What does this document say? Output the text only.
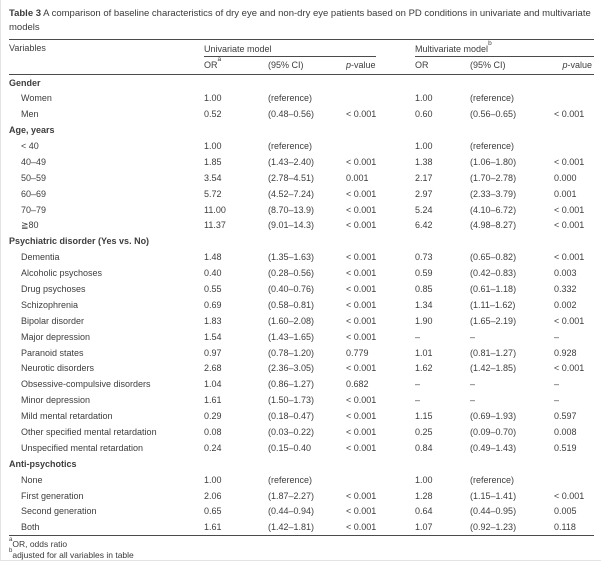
Table 3 A comparison of baseline characteristics of dry eye and non-dry eye patients based on PD conditions in univariate and multivariate models
Variables	Univariate model			Multivariate model$^b$

	$OR^a$	(95% CI)	p-value	OR	(95% CI)	p-value
Gender						
Women	1.00	(reference)		1.00	(reference)	
Men	0.52	(0.48–0.56)	< 0.001	0.60	(0.56–0.65)	< 0.001
Age, years						
< 40	1.00	(reference)		1.00	(reference)	
40–49	1.85	(1.43–2.40)	< 0.001	1.38	(1.06–1.80)	< 0.001
50–59	3.54	(2.78–4.51)	0.001	2.17	(1.70–2.78)	0.000
60–69	5.72	(4.52–7.24)	< 0.001	2.97	(2.33–3.79)	0.001
70–79	11.00	(8.70–13.9)	< 0.001	5.24	(4.10–6.72)	< 0.001
≧80	11.37	(9.01–14.3)	< 0.001	6.42	(4.98–8.27)	< 0.001
Psychiatric disorder (Yes vs. No)						
Dementia	1.48	(1.35–1.63)	< 0.001	0.73	(0.65–0.82)	< 0.001
Alcoholic psychoses	0.40	(0.28–0.56)	< 0.001	0.59	(0.42–0.83)	0.003
Drug psychoses	0.55	(0.40–0.76)	< 0.001	0.85	(0.61–1.18)	0.332
Schizophrenia	0.69	(0.58–0.81)	< 0.001	1.34	(1.11–1.62)	0.002
Bipolar disorder	1.83	(1.60–2.08)	< 0.001	1.90	(1.65–2.19)	< 0.001
Major depression	1.54	(1.43–1.65)	< 0.001	–	–	–
Paranoid states	0.97	(0.78–1.20)	0.779	1.01	(0.81–1.27)	0.928
Neurotic disorders	2.68	(2.36–3.05)	< 0.001	1.62	(1.42–1.85)	< 0.001
Obsessive-compulsive disorders	1.04	(0.86–1.27)	0.682	–	–	–
Minor depression	1.61	(1.50–1.73)	< 0.001	–	–	–
Mild mental retardation	0.29	(0.18–0.47)	< 0.001	1.15	(0.69–1.93)	0.597
Other specified mental retardation	0.08	(0.03–0.22)	< 0.001	0.25	(0.09–0.70)	0.008
Unspecified mental retardation	0.24	(0.15–0.40	< 0.001	0.84	(0.49–1.43)	0.519
Anti-psychotics						
None	1.00	(reference)		1.00	(reference)	
First generation	2.06	(1.87–2.27)	< 0.001	1.28	(1.15–1.41)	< 0.001
Second generation	0.65	(0.44–0.94)	< 0.001	0.64	(0.44–0.95)	0.005
Both	1.61	(1.42–1.81)	< 0.001	1.07	(0.92–1.23)	0.118
$^a$OR, odds ratio
$^b$adjusted for all variables in table
